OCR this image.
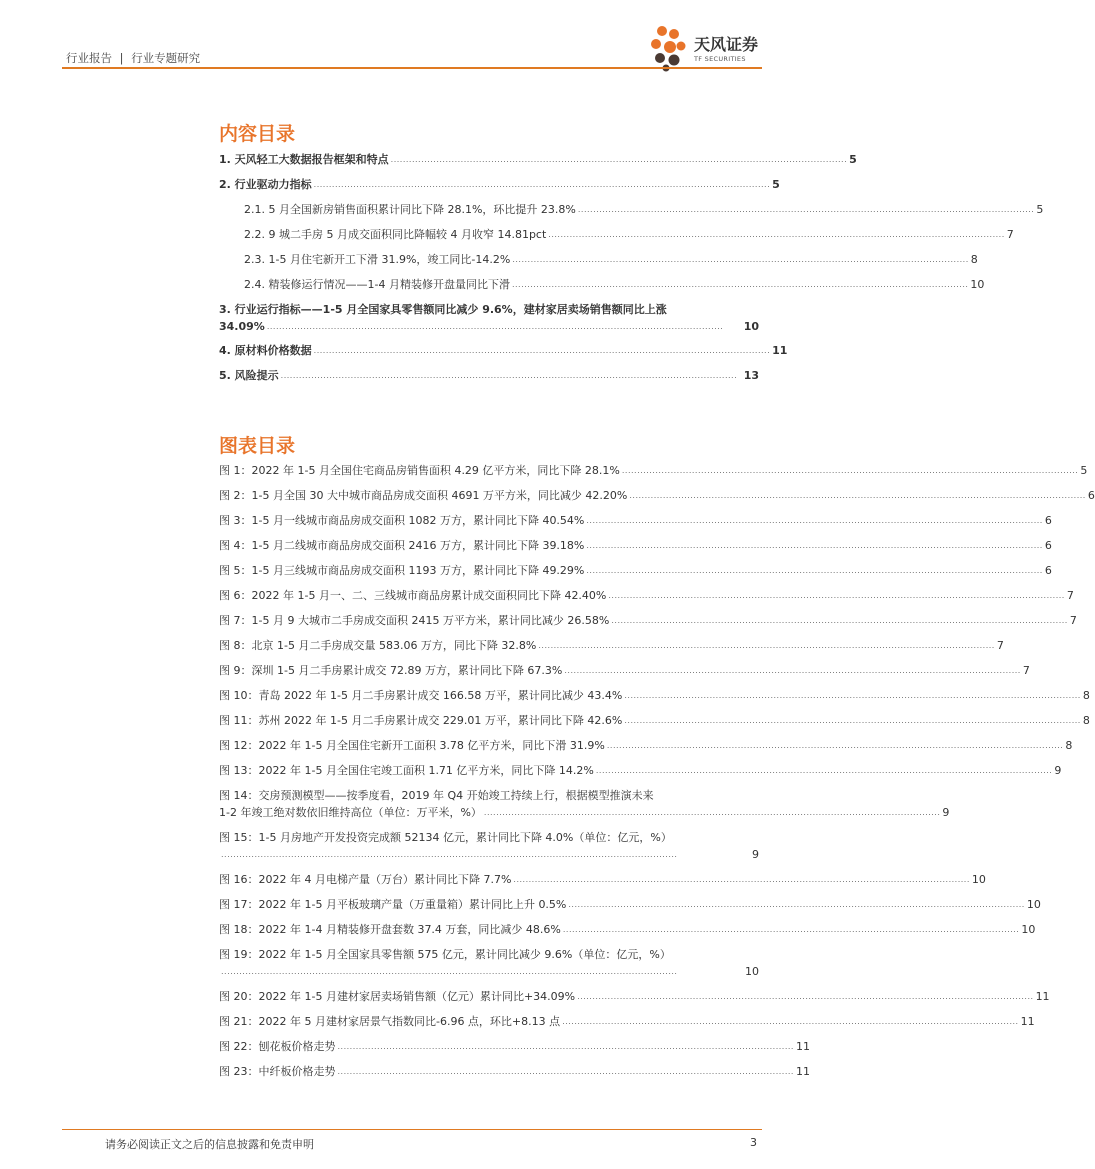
行业报告 | 行业专题研究
天风证券
TF SECURITIES
内容目录
1. 天风轻工大数据报告框架和特点 ...................................................................................................................................................... 5
2. 行业驱动力指标 ...................................................................................................................................................... 5
2.1. 5 月全国新房销售面积累计同比下降 28.1%，环比提升 23.8% ...................................................................................................................................................... 5
2.2. 9 城二手房 5 月成交面积同比降幅较 4 月收窄 14.81pct ...................................................................................................................................................... 7
2.3. 1-5 月住宅新开工下滑 31.9%，竣工同比-14.2% ...................................................................................................................................................... 8
2.4. 精装修运行情况——1-4 月精装修开盘量同比下滑 ...................................................................................................................................................... 10
3. 行业运行指标——1-5 月全国家具零售额同比减少 9.6%，建材家居卖场销售额同比上涨
34.09% ......................................................................................................................................................	10
4. 原材料价格数据 ...................................................................................................................................................... 11
5. 风险提示 ...................................................................................................................................................... 13
图表目录
图 1：2022 年 1-5 月全国住宅商品房销售面积 4.29 亿平方米，同比下降 28.1% ...................................................................................................................................................... 5
图 2：1-5 月全国 30 大中城市商品房成交面积 4691 万平方米，同比减少 42.20% ...................................................................................................................................................... 6
图 3：1-5 月一线城市商品房成交面积 1082 万方，累计同比下降 40.54% ...................................................................................................................................................... 6
图 4：1-5 月二线城市商品房成交面积 2416 万方，累计同比下降 39.18% ...................................................................................................................................................... 6
图 5：1-5 月三线城市商品房成交面积 1193 万方，累计同比下降 49.29% ...................................................................................................................................................... 6
图 6：2022 年 1-5 月一、二、三线城市商品房累计成交面积同比下降 42.40% ...................................................................................................................................................... 7
图 7：1-5 月 9 大城市二手房成交面积 2415 万平方米，累计同比减少 26.58% ...................................................................................................................................................... 7
图 8：北京 1-5 月二手房成交量 583.06 万方，同比下降 32.8% ...................................................................................................................................................... 7
图 9：深圳 1-5 月二手房累计成交 72.89 万方，累计同比下降 67.3% ...................................................................................................................................................... 7
图 10：青岛 2022 年 1-5 月二手房累计成交 166.58 万平，累计同比减少 43.4% ...................................................................................................................................................... 8
图 11：苏州 2022 年 1-5 月二手房累计成交 229.01 万平，累计同比下降 42.6% ...................................................................................................................................................... 8
图 12：2022 年 1-5 月全国住宅新开工面积 3.78 亿平方米，同比下滑 31.9% ...................................................................................................................................................... 8
图 13：2022 年 1-5 月全国住宅竣工面积 1.71 亿平方米，同比下降 14.2% ...................................................................................................................................................... 9
图 14：交房预测模型——按季度看，2019 年 Q4 开始竣工持续上行，根据模型推演未来
1-2 年竣工绝对数依旧维持高位（单位：万平米，%） ...................................................................................................................................................... 9
图 15：1-5 月房地产开发投资完成额 52134 亿元，累计同比下降 4.0%（单位：亿元，%）
......................................................................................................................................................	9
图 16：2022 年 4 月电梯产量（万台）累计同比下降 7.7% ...................................................................................................................................................... 10
图 17：2022 年 1-5 月平板玻璃产量（万重量箱）累计同比上升 0.5% ...................................................................................................................................................... 10
图 18：2022 年 1-4 月精装修开盘套数 37.4 万套，同比减少 48.6% ...................................................................................................................................................... 10
图 19：2022 年 1-5 月全国家具零售额 575 亿元，累计同比减少 9.6%（单位：亿元，%）
......................................................................................................................................................	10
图 20：2022 年 1-5 月建材家居卖场销售额（亿元）累计同比+34.09% ...................................................................................................................................................... 11
图 21：2022 年 5 月建材家居景气指数同比-6.96 点，环比+8.13 点 ...................................................................................................................................................... 11
图 22：刨花板价格走势 ...................................................................................................................................................... 11
图 23：中纤板价格走势 ...................................................................................................................................................... 11
请务必阅读正文之后的信息披露和免责申明	3
